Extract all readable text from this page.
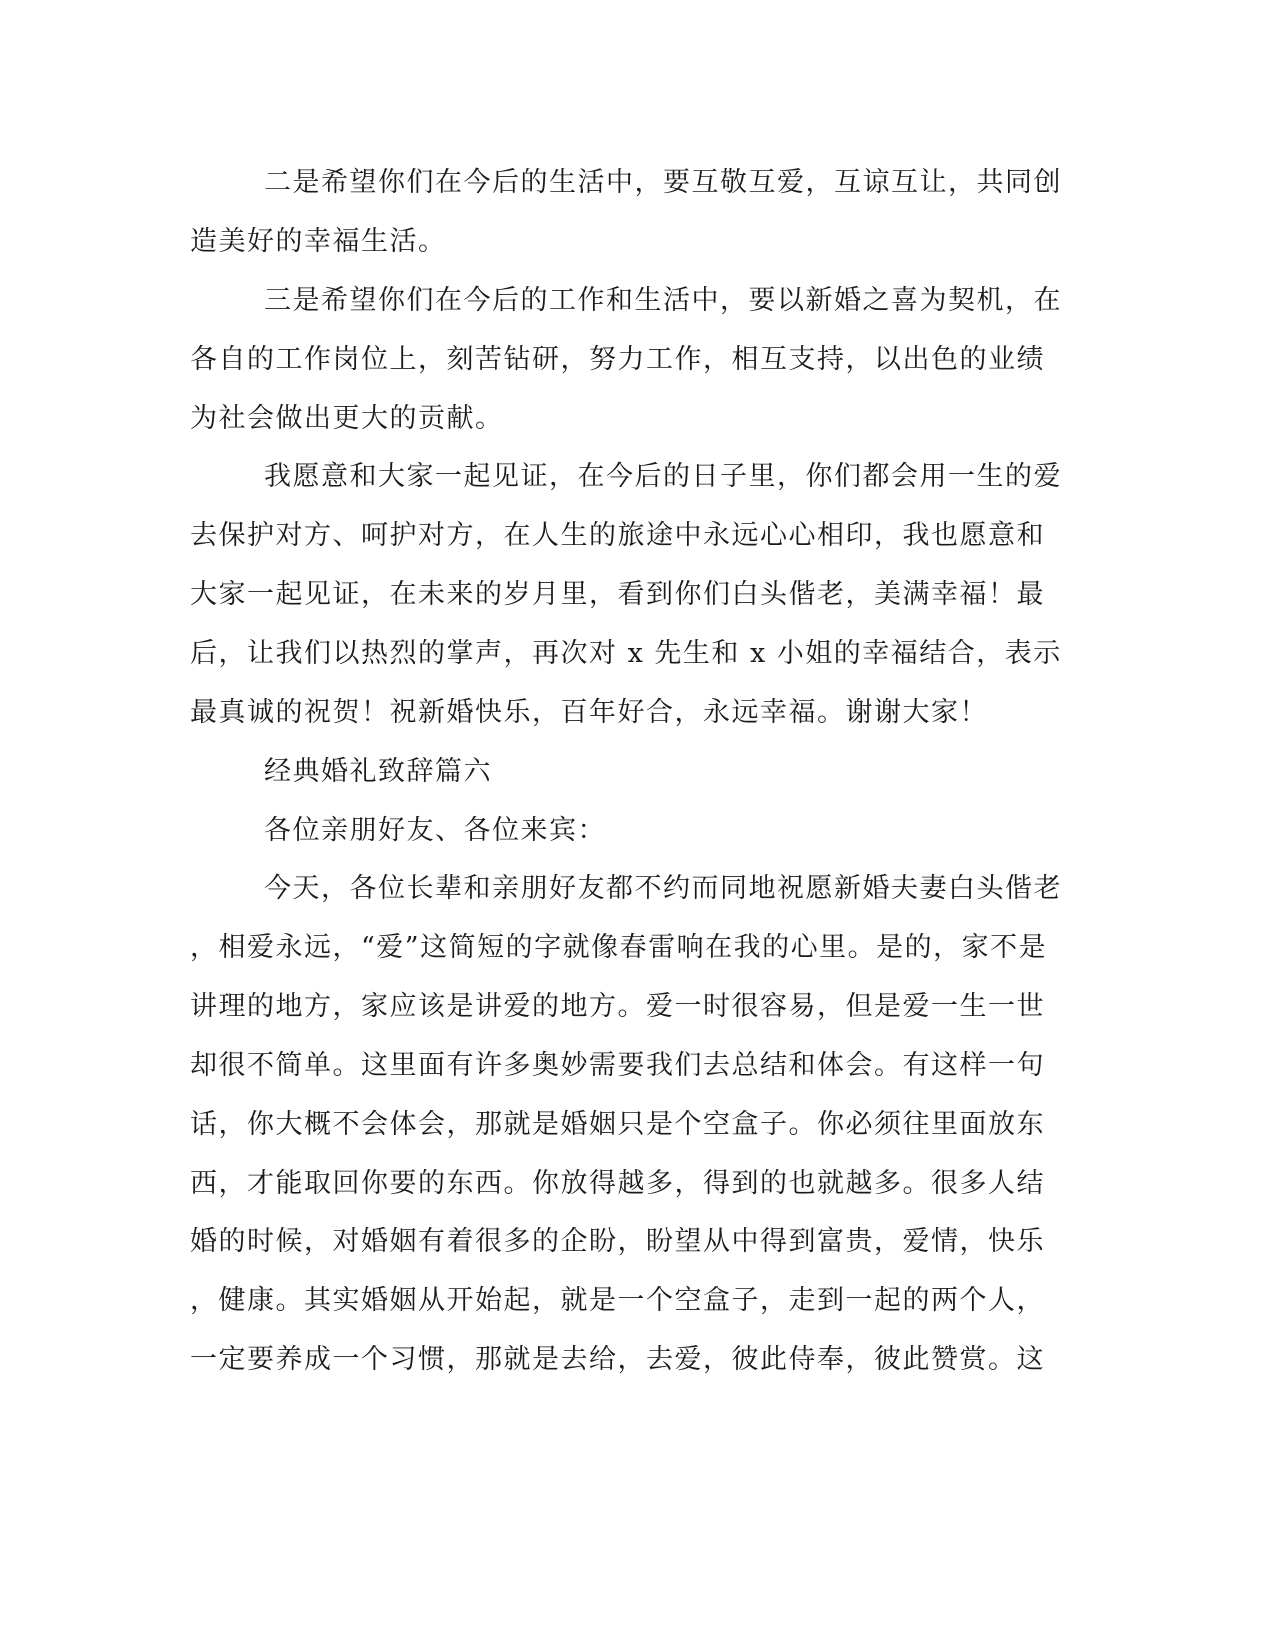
二是希望你们在今后的生活中，要互敬互爱，互谅互让，共同创

造美好的幸福生活。

三是希望你们在今后的工作和生活中，要以新婚之喜为契机，在

各自的工作岗位上，刻苦钻研，努力工作，相互支持，以出色的业绩

为社会做出更大的贡献。

我愿意和大家一起见证，在今后的日子里，你们都会用一生的爱

去保护对方、呵护对方，在人生的旅途中永远心心相印，我也愿意和

大家一起见证，在未来的岁月里，看到你们白头偕老，美满幸福！最

后，让我们以热烈的掌声，再次对 x 先生和 x 小姐的幸福结合，表示

最真诚的祝贺！祝新婚快乐，百年好合，永远幸福。谢谢大家！

经典婚礼致辞篇六

各位亲朋好友、各位来宾：

今天，各位长辈和亲朋好友都不约而同地祝愿新婚夫妻白头偕老

，相爱永远，“爱”这简短的字就像春雷响在我的心里。是的，家不是

讲理的地方，家应该是讲爱的地方。爱一时很容易，但是爱一生一世

却很不简单。这里面有许多奥妙需要我们去总结和体会。有这样一句

话，你大概不会体会，那就是婚姻只是个空盒子。你必须往里面放东

西，才能取回你要的东西。你放得越多，得到的也就越多。很多人结

婚的时候，对婚姻有着很多的企盼，盼望从中得到富贵，爱情，快乐

，健康。其实婚姻从开始起，就是一个空盒子，走到一起的两个人，

一定要养成一个习惯，那就是去给，去爱，彼此侍奉，彼此赞赏。这
